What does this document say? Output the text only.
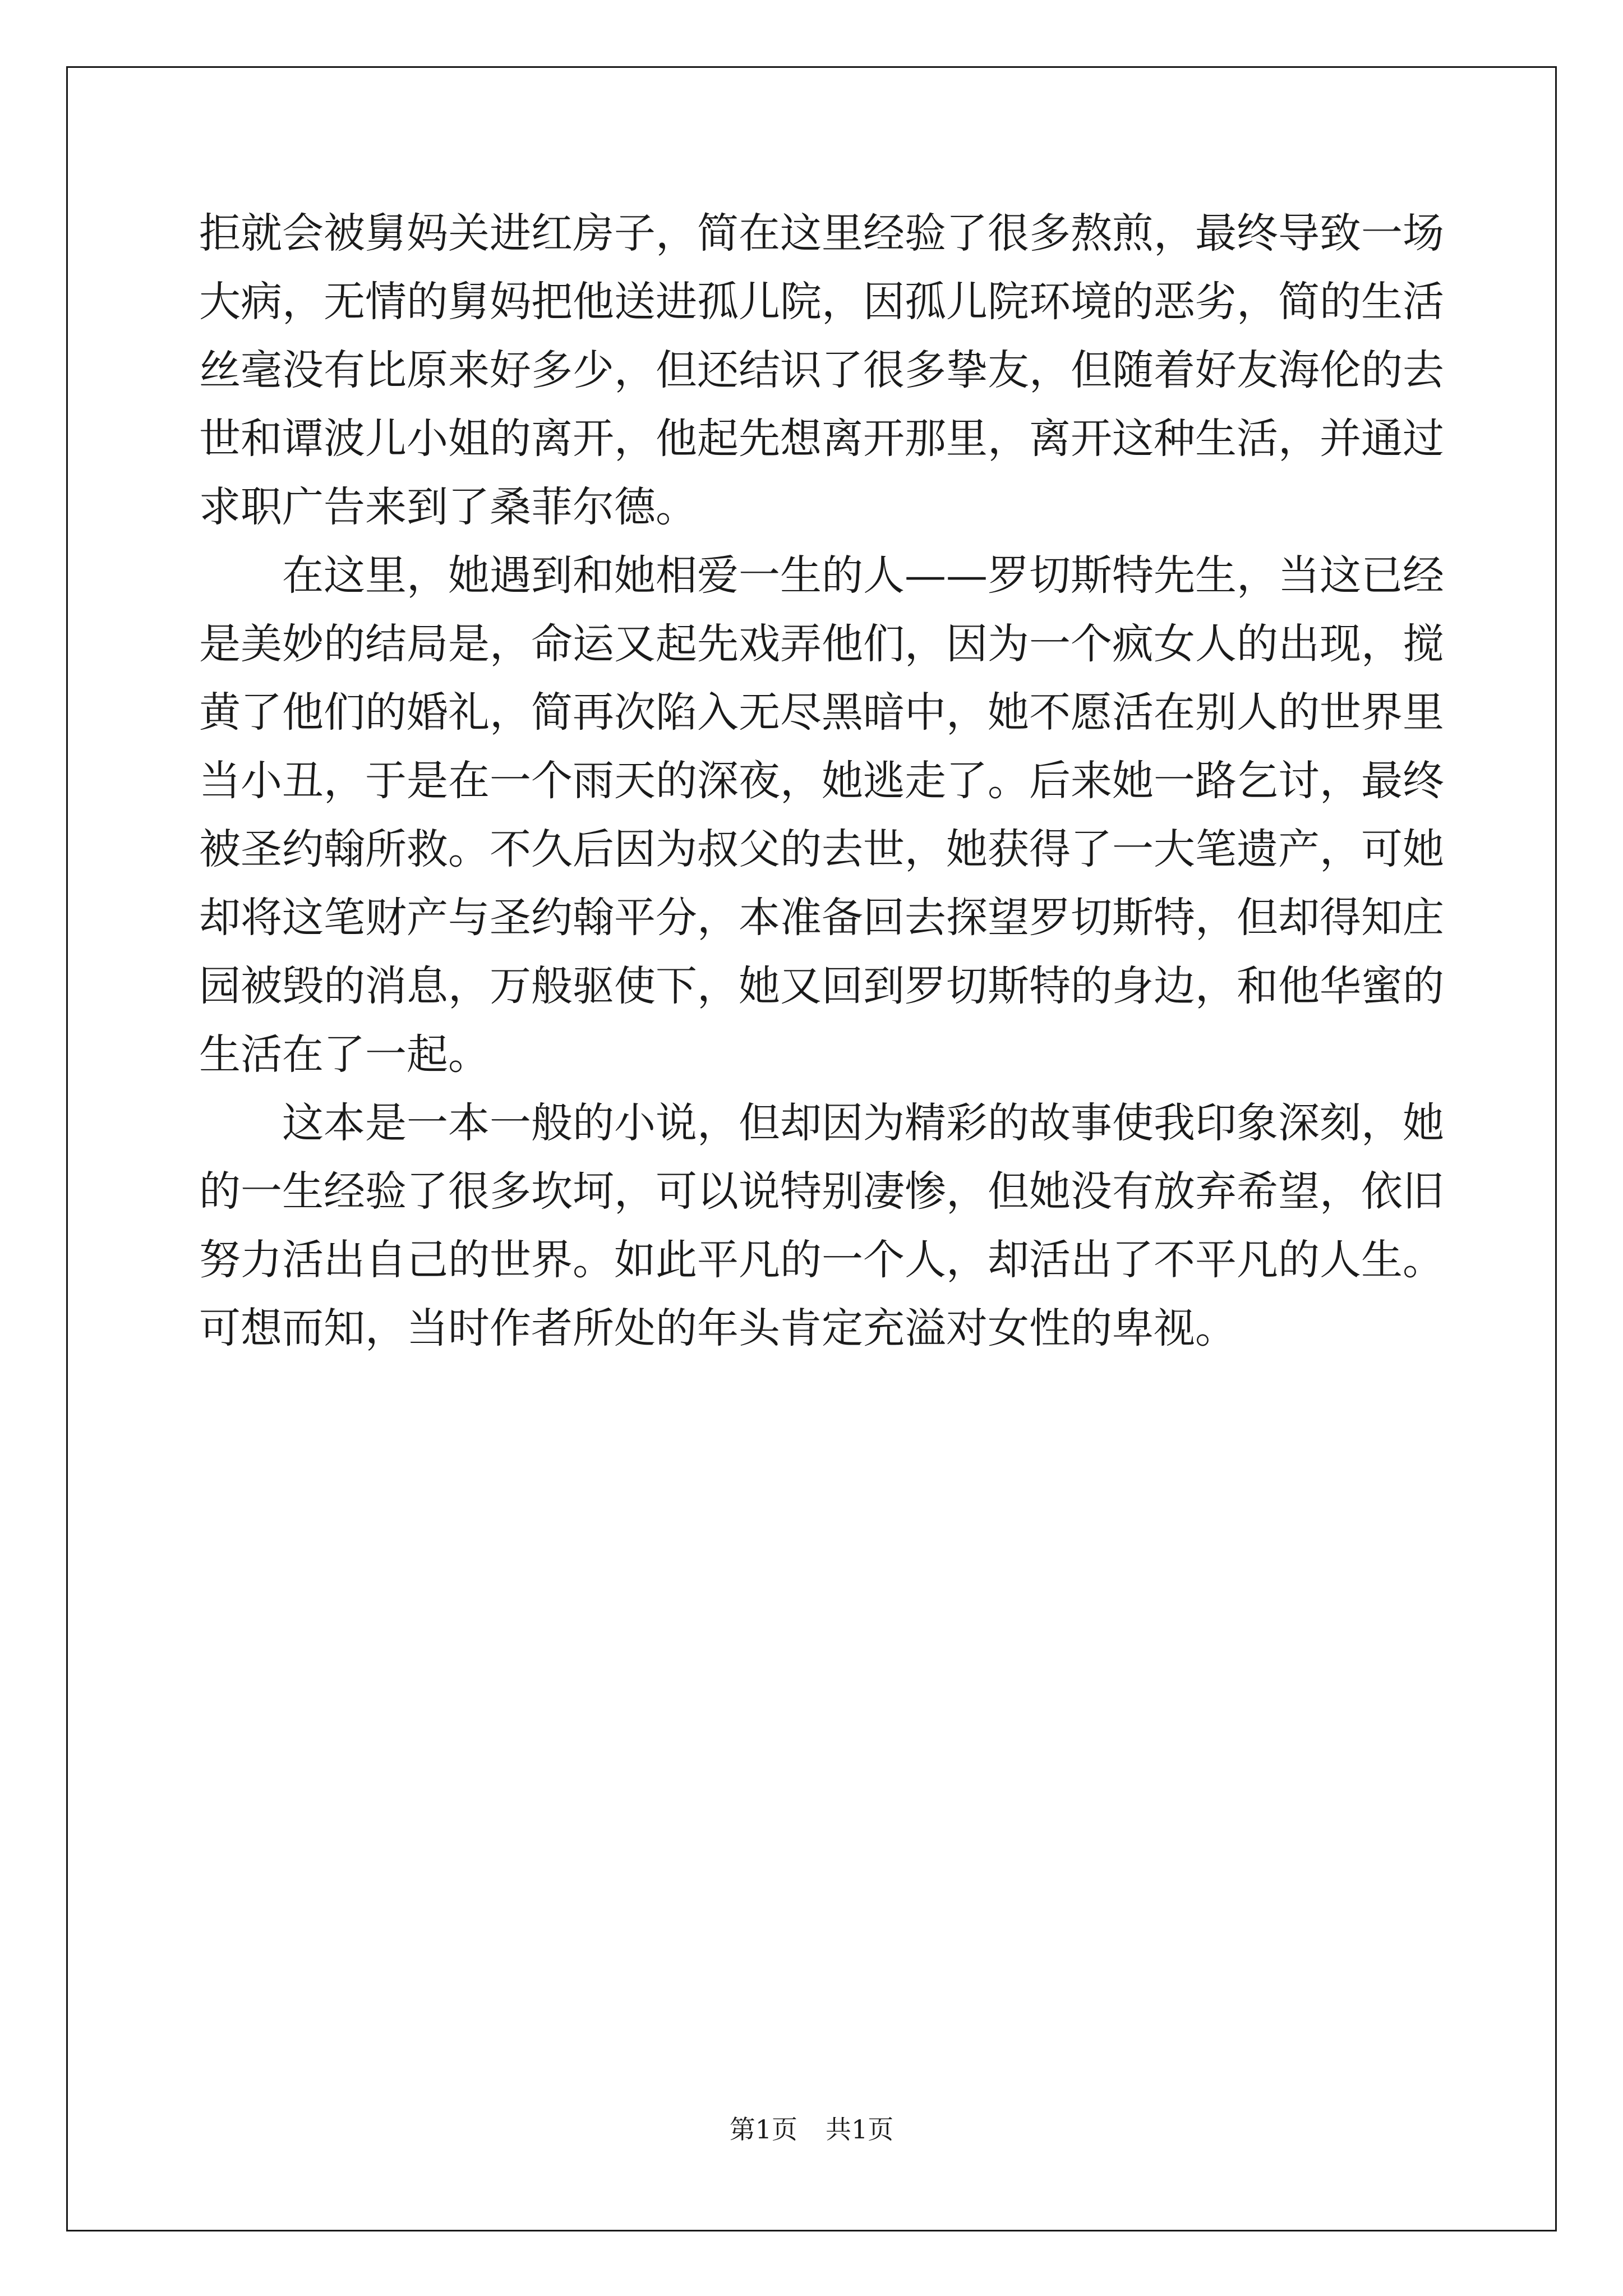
拒就会被舅妈关进红房子，简在这里经验了很多熬煎，最终导致一场
大病，无情的舅妈把他送进孤儿院，因孤儿院环境的恶劣，简的生活
丝毫没有比原来好多少，但还结识了很多挚友，但随着好友海伦的去
世和谭波儿小姐的离开，他起先想离开那里，离开这种生活，并通过
求职广告来到了桑菲尔德。
在这里，她遇到和她相爱一生的人——罗切斯特先生，当这已经
是美妙的结局是，命运又起先戏弄他们，因为一个疯女人的出现，搅
黄了他们的婚礼，简再次陷入无尽黑暗中，她不愿活在别人的世界里
当小丑，于是在一个雨天的深夜，她逃走了。后来她一路乞讨，最终
被圣约翰所救。不久后因为叔父的去世，她获得了一大笔遗产，可她
却将这笔财产与圣约翰平分，本准备回去探望罗切斯特，但却得知庄
园被毁的消息，万般驱使下，她又回到罗切斯特的身边，和他华蜜的
生活在了一起。
这本是一本一般的小说，但却因为精彩的故事使我印象深刻，她
的一生经验了很多坎坷，可以说特别凄惨，但她没有放弃希望，依旧
努力活出自己的世界。如此平凡的一个人，却活出了不平凡的人生。
可想而知，当时作者所处的年头肯定充溢对女性的卑视。
第1页 共1页
